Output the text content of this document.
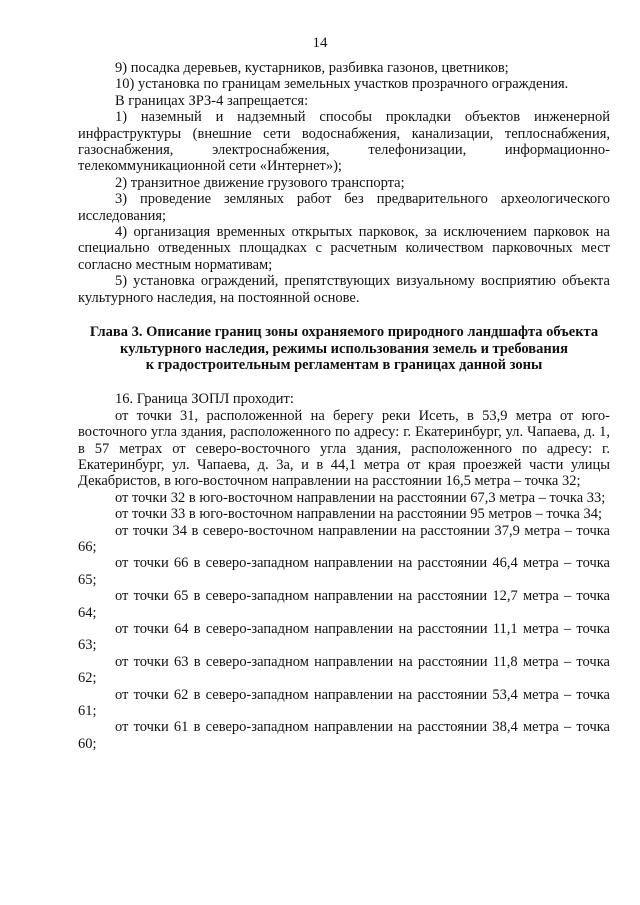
14

9) посадка деревьев, кустарников, разбивка газонов, цветников;

10) установка по границам земельных участков прозрачного ограждения.

В границах ЗРЗ-4 запрещается:

1) наземный и надземный способы прокладки объектов инженерной инфраструктуры (внешние сети водоснабжения, канализации, теплоснабжения, газоснабжения, электроснабжения, телефонизации, информационно-телекоммуникационной сети «Интернет»);

2) транзитное движение грузового транспорта;

3) проведение земляных работ без предварительного археологического исследования;

4) организация временных открытых парковок, за исключением парковок на специально отведенных площадках с расчетным количеством парковочных мест согласно местным нормативам;

5) установка ограждений, препятствующих визуальному восприятию объекта культурного наследия, на постоянной основе.

Глава 3. Описание границ зоны охраняемого природного ландшафта объекта

культурного наследия, режимы использования земель и требования

к градостроительным регламентам в границах данной зоны

16. Граница ЗОПЛ проходит:

от точки 31, расположенной на берегу реки Исеть, в 53,9 метра от юго-восточного угла здания, расположенного по адресу: г. Екатеринбург, ул. Чапаева, д. 1, в 57 метрах от северо-восточного угла здания, расположенного по адресу: г. Екатеринбург, ул. Чапаева, д. 3а, и в 44,1 метра от края проезжей части улицы Декабристов, в юго-восточном направлении на расстоянии 16,5 метра – точка 32;

от точки 32 в юго-восточном направлении на расстоянии 67,3 метра – точка 33;

от точки 33 в юго-восточном направлении на расстоянии 95 метров – точка 34;

от точки 34 в северо-восточном направлении на расстоянии 37,9 метра – точка 66;

от точки 66 в северо-западном направлении на расстоянии 46,4 метра – точка 65;

от точки 65 в северо-западном направлении на расстоянии 12,7 метра – точка 64;

от точки 64 в северо-западном направлении на расстоянии 11,1 метра – точка 63;

от точки 63 в северо-западном направлении на расстоянии 11,8 метра – точка 62;

от точки 62 в северо-западном направлении на расстоянии 53,4 метра – точка 61;

от точки 61 в северо-западном направлении на расстоянии 38,4 метра – точка 60;
